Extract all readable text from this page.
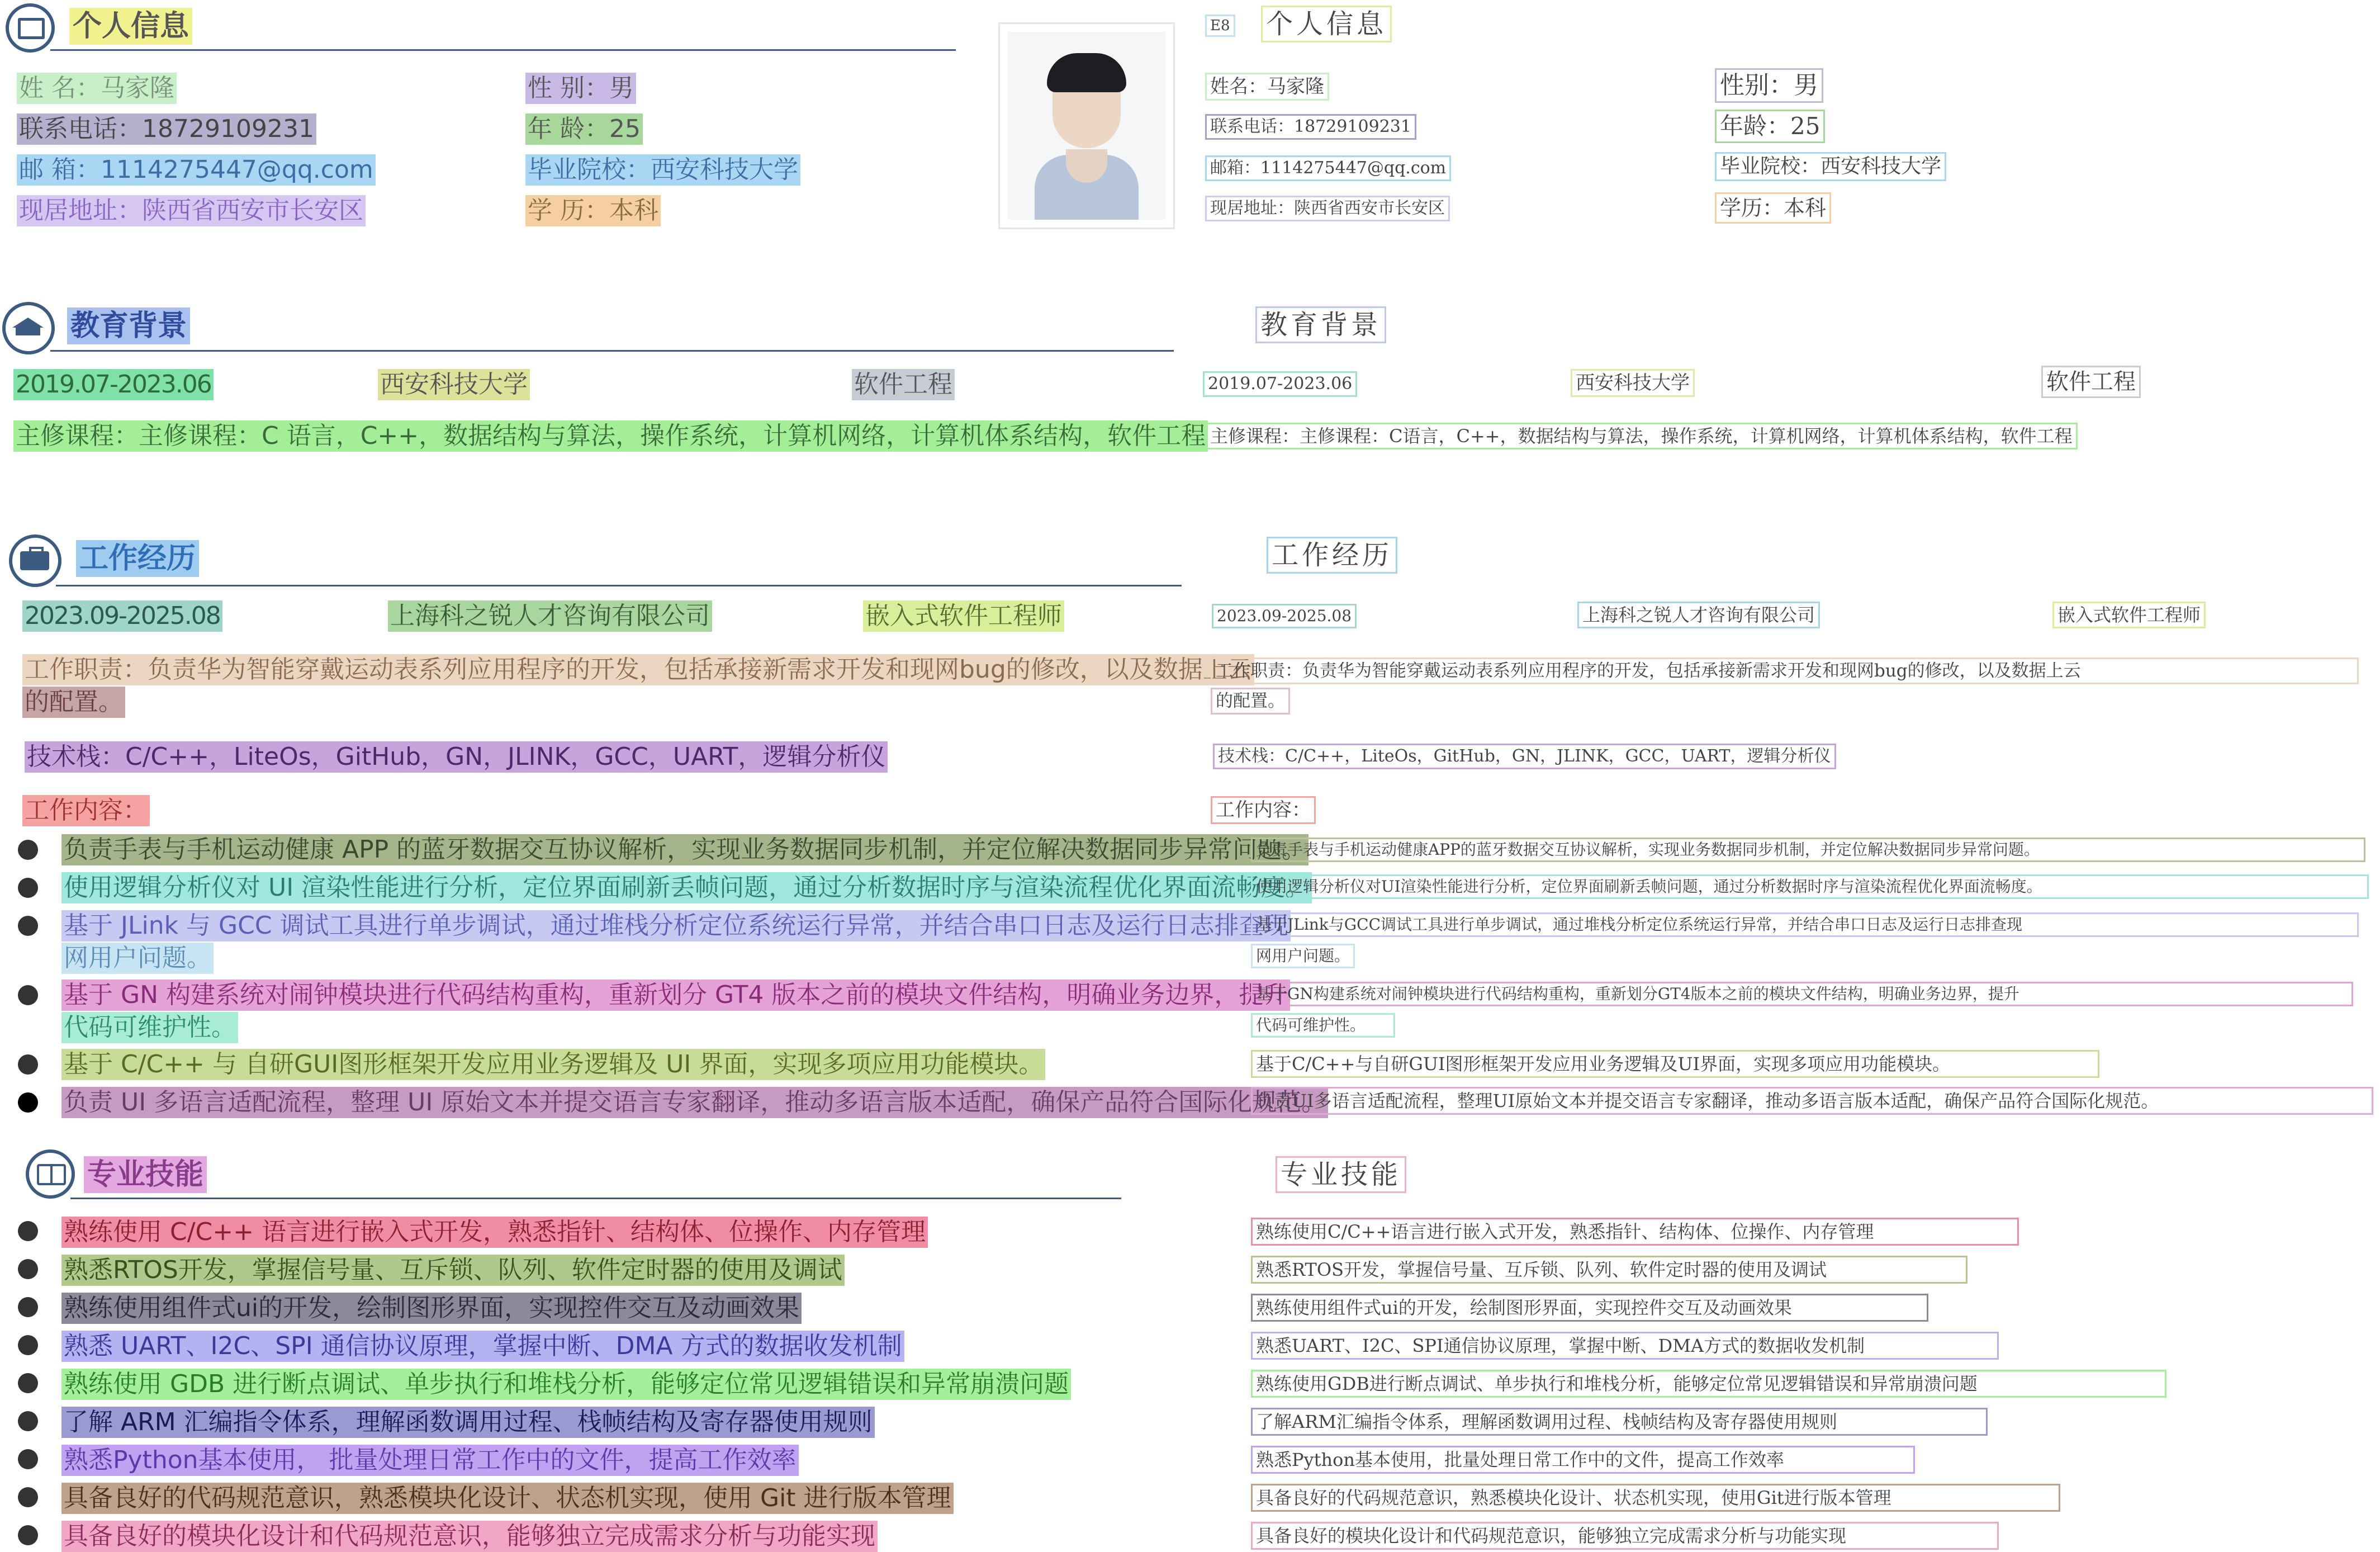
个人信息
姓 名：马家隆	性 别：男
联系电话：18729109231	年 龄：25
邮 箱：1114275447@qq.com	毕业院校：西安科技大学
现居地址：陕西省西安市长安区	学 历：本科
教育背景
2019.07-2023.06	西安科技大学	软件工程
主修课程：主修课程：C 语言，C++，数据结构与算法，操作系统，计算机网络，计算机体系结构，软件工程
工作经历
2023.09-2025.08	上海科之锐人才咨询有限公司	嵌入式软件工程师
工作职责：负责华为智能穿戴运动表系列应用程序的开发，包括承接新需求开发和现网bug的修改，以及数据上云
的配置。
技术栈：C/C++，LiteOs，GitHub，GN，JLINK，GCC，UART，逻辑分析仪
工作内容：
负责手表与手机运动健康 APP 的蓝牙数据交互协议解析，实现业务数据同步机制，并定位解决数据同步异常问题。
使用逻辑分析仪对 UI 渲染性能进行分析，定位界面刷新丢帧问题，通过分析数据时序与渲染流程优化界面流畅度。
基于 JLink 与 GCC 调试工具进行单步调试，通过堆栈分析定位系统运行异常，并结合串口日志及运行日志排查现
网用户问题。
基于 GN 构建系统对闹钟模块进行代码结构重构，重新划分 GT4 版本之前的模块文件结构，明确业务边界，提升
代码可维护性。
基于 C/C++ 与 自研GUI图形框架开发应用业务逻辑及 UI 界面，实现多项应用功能模块。
负责 UI 多语言适配流程，整理 UI 原始文本并提交语言专家翻译，推动多语言版本适配，确保产品符合国际化规范。
专业技能
熟练使用 C/C++ 语言进行嵌入式开发，熟悉指针、结构体、位操作、内存管理
熟悉RTOS开发，掌握信号量、互斥锁、队列、软件定时器的使用及调试
熟练使用组件式ui的开发，绘制图形界面，实现控件交互及动画效果
熟悉 UART、I2C、SPI 通信协议原理，掌握中断、DMA 方式的数据收发机制
熟练使用 GDB 进行断点调试、单步执行和堆栈分析，能够定位常见逻辑错误和异常崩溃问题
了解 ARM 汇编指令体系，理解函数调用过程、栈帧结构及寄存器使用规则
熟悉Python基本使用， 批量处理日常工作中的文件，提高工作效率
具备良好的代码规范意识，熟悉模块化设计、状态机实现，使用 Git 进行版本管理
具备良好的模块化设计和代码规范意识，能够独立完成需求分析与功能实现
E8 个人信息
姓名：马家隆	性别：男
联系电话：18729109231	年龄：25
邮箱：1114275447@qq.com	毕业院校：西安科技大学
现居地址：陕西省西安市长安区	学历：本科
教育背景
2019.07-2023.06	西安科技大学	软件工程
主修课程：主修课程：C语言，C++，数据结构与算法，操作系统，计算机网络，计算机体系结构，软件工程
工作经历
2023.09-2025.08	上海科之锐人才咨询有限公司	嵌入式软件工程师
工作职责：负责华为智能穿戴运动表系列应用程序的开发，包括承接新需求开发和现网bug的修改，以及数据上云
的配置。
技术栈：C/C++，LiteOs，GitHub，GN，JLINK，GCC，UART，逻辑分析仪
工作内容：
负责手表与手机运动健康APP的蓝牙数据交互协议解析，实现业务数据同步机制，并定位解决数据同步异常问题。
使用逻辑分析仪对UI渲染性能进行分析，定位界面刷新丢帧问题，通过分析数据时序与渲染流程优化界面流畅度。
基于JLink与GCC调试工具进行单步调试，通过堆栈分析定位系统运行异常，并结合串口日志及运行日志排查现
网用户问题。
基于GN构建系统对闹钟模块进行代码结构重构，重新划分GT4版本之前的模块文件结构，明确业务边界，提升
代码可维护性。
基于C/C++与自研GUI图形框架开发应用业务逻辑及UI界面，实现多项应用功能模块。
负责UI多语言适配流程，整理UI原始文本并提交语言专家翻译，推动多语言版本适配，确保产品符合国际化规范。
专业技能
熟练使用C/C++语言进行嵌入式开发，熟悉指针、结构体、位操作、内存管理
熟悉RTOS开发，掌握信号量、互斥锁、队列、软件定时器的使用及调试
熟练使用组件式ui的开发，绘制图形界面，实现控件交互及动画效果
熟悉UART、I2C、SPI通信协议原理，掌握中断、DMA方式的数据收发机制
熟练使用GDB进行断点调试、单步执行和堆栈分析，能够定位常见逻辑错误和异常崩溃问题
了解ARM汇编指令体系，理解函数调用过程、栈帧结构及寄存器使用规则
熟悉Python基本使用，批量处理日常工作中的文件，提高工作效率
具备良好的代码规范意识，熟悉模块化设计、状态机实现，使用Git进行版本管理
具备良好的模块化设计和代码规范意识，能够独立完成需求分析与功能实现
